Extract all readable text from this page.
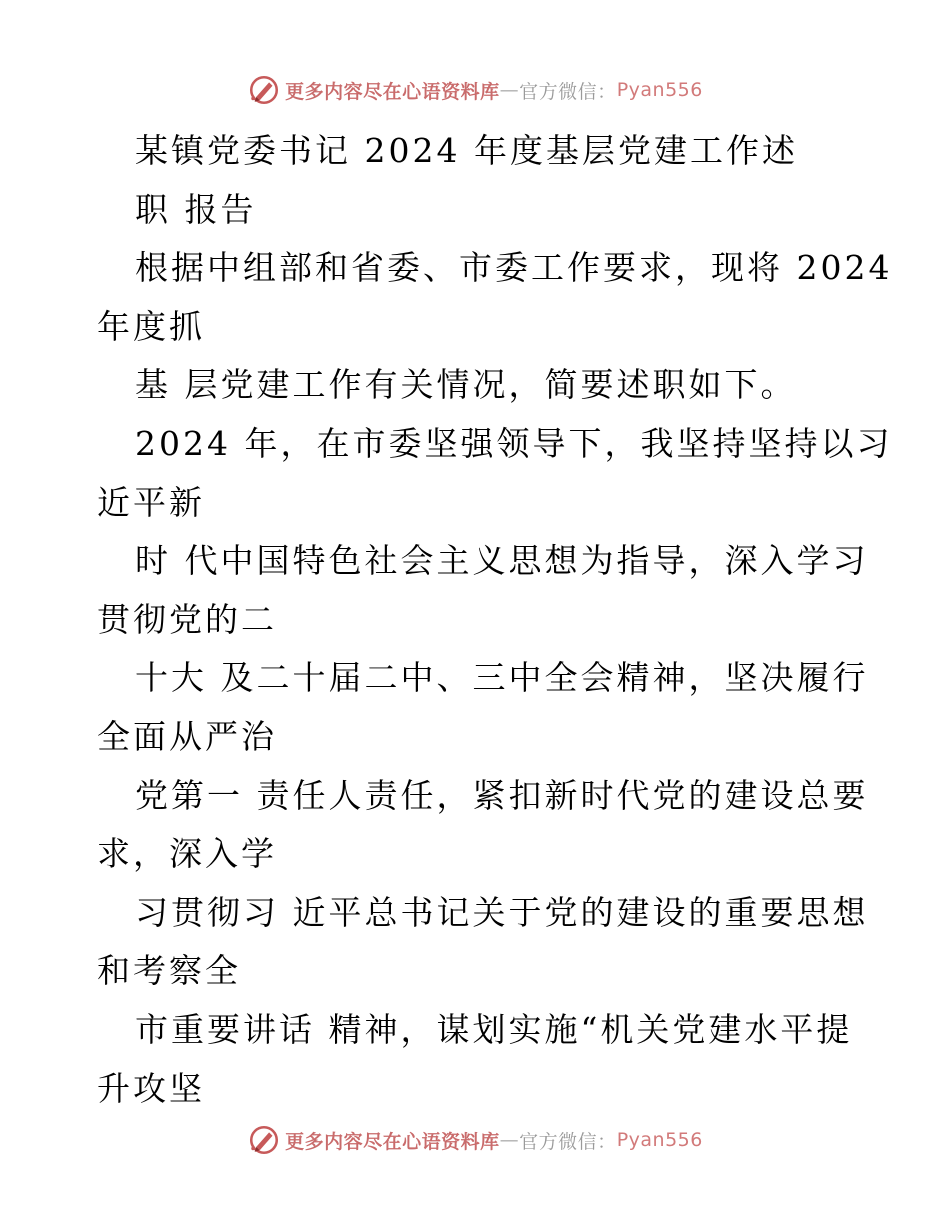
更多内容尽在心语资料库 — 官方微信： Pyan556
某镇党委书记 2024 年度基层党建工作述
职 报告
根据中组部和省委、市委工作要求，现将 2024
年度抓
基 层党建工作有关情况，简要述职如下。
2024 年，在市委坚强领导下，我坚持坚持以习
近平新
时 代中国特色社会主义思想为指导，深入学习
贯彻党的二
十大 及二十届二中、三中全会精神，坚决履行
全面从严治
党第一 责任人责任，紧扣新时代党的建设总要
求，深入学
习贯彻习 近平总书记关于党的建设的重要思想
和考察全
市重要讲话 精神，谋划实施“机关党建水平提
升攻坚
更多内容尽在心语资料库 — 官方微信： Pyan556
